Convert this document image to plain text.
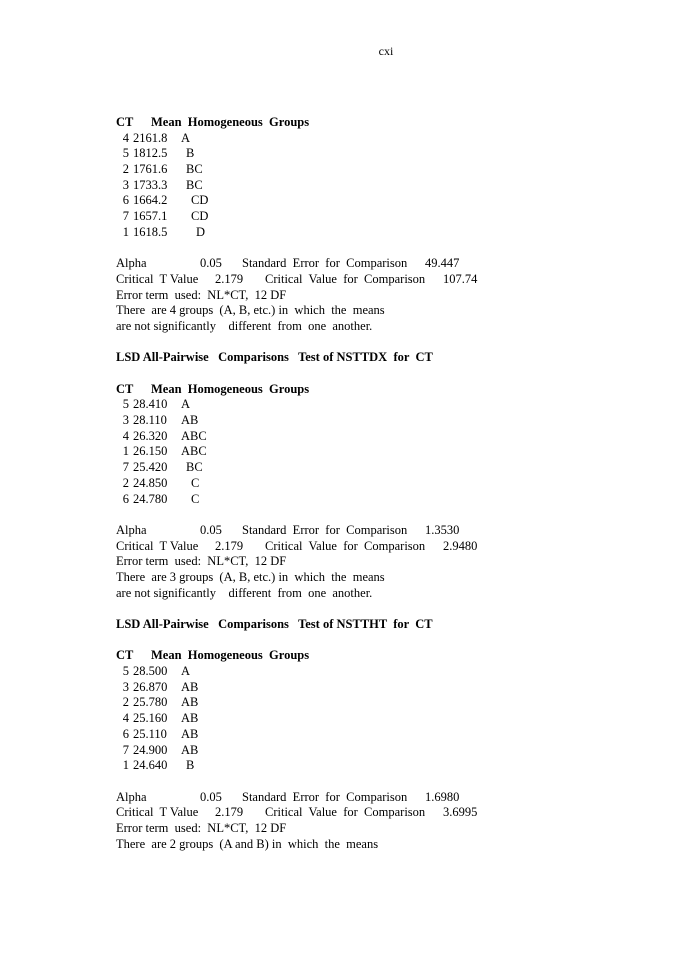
cxi
CT Mean  Homogeneous  Groups
4 2161.8 A
5 1812.5 B
2 1761.6 BC
3 1733.3 BC
6 1664.2 CD
7 1657.1 CD
1 1618.5 D
Alpha	0.05 Standard  Error  for  Comparison 49.447
Critical  T Value 2.179 Critical  Value  for  Comparison 107.74
Error term  used:  NL*CT,  12 DF
There  are 4 groups  (A, B, etc.) in  which  the  means
are not significantly    different  from  one  another.
LSD All-Pairwise   Comparisons   Test of NSTTDX  for  CT
CT Mean  Homogeneous  Groups
5 28.410 A
3 28.110 AB
4 26.320 ABC
1 26.150 ABC
7 25.420 BC
2 24.850 C
6 24.780 C
Alpha	0.05 Standard  Error  for  Comparison 1.3530
Critical  T Value 2.179 Critical  Value  for  Comparison 2.9480
Error term  used:  NL*CT,  12 DF
There  are 3 groups  (A, B, etc.) in  which  the  means
are not significantly    different  from  one  another.
LSD All-Pairwise   Comparisons   Test of NSTTHT  for  CT
CT Mean  Homogeneous  Groups
5 28.500 A
3 26.870 AB
2 25.780 AB
4 25.160 AB
6 25.110 AB
7 24.900 AB
1 24.640 B
Alpha	0.05 Standard  Error  for  Comparison 1.6980
Critical  T Value 2.179 Critical  Value  for  Comparison 3.6995
Error term  used:  NL*CT,  12 DF
There  are 2 groups  (A and B) in  which  the  means
